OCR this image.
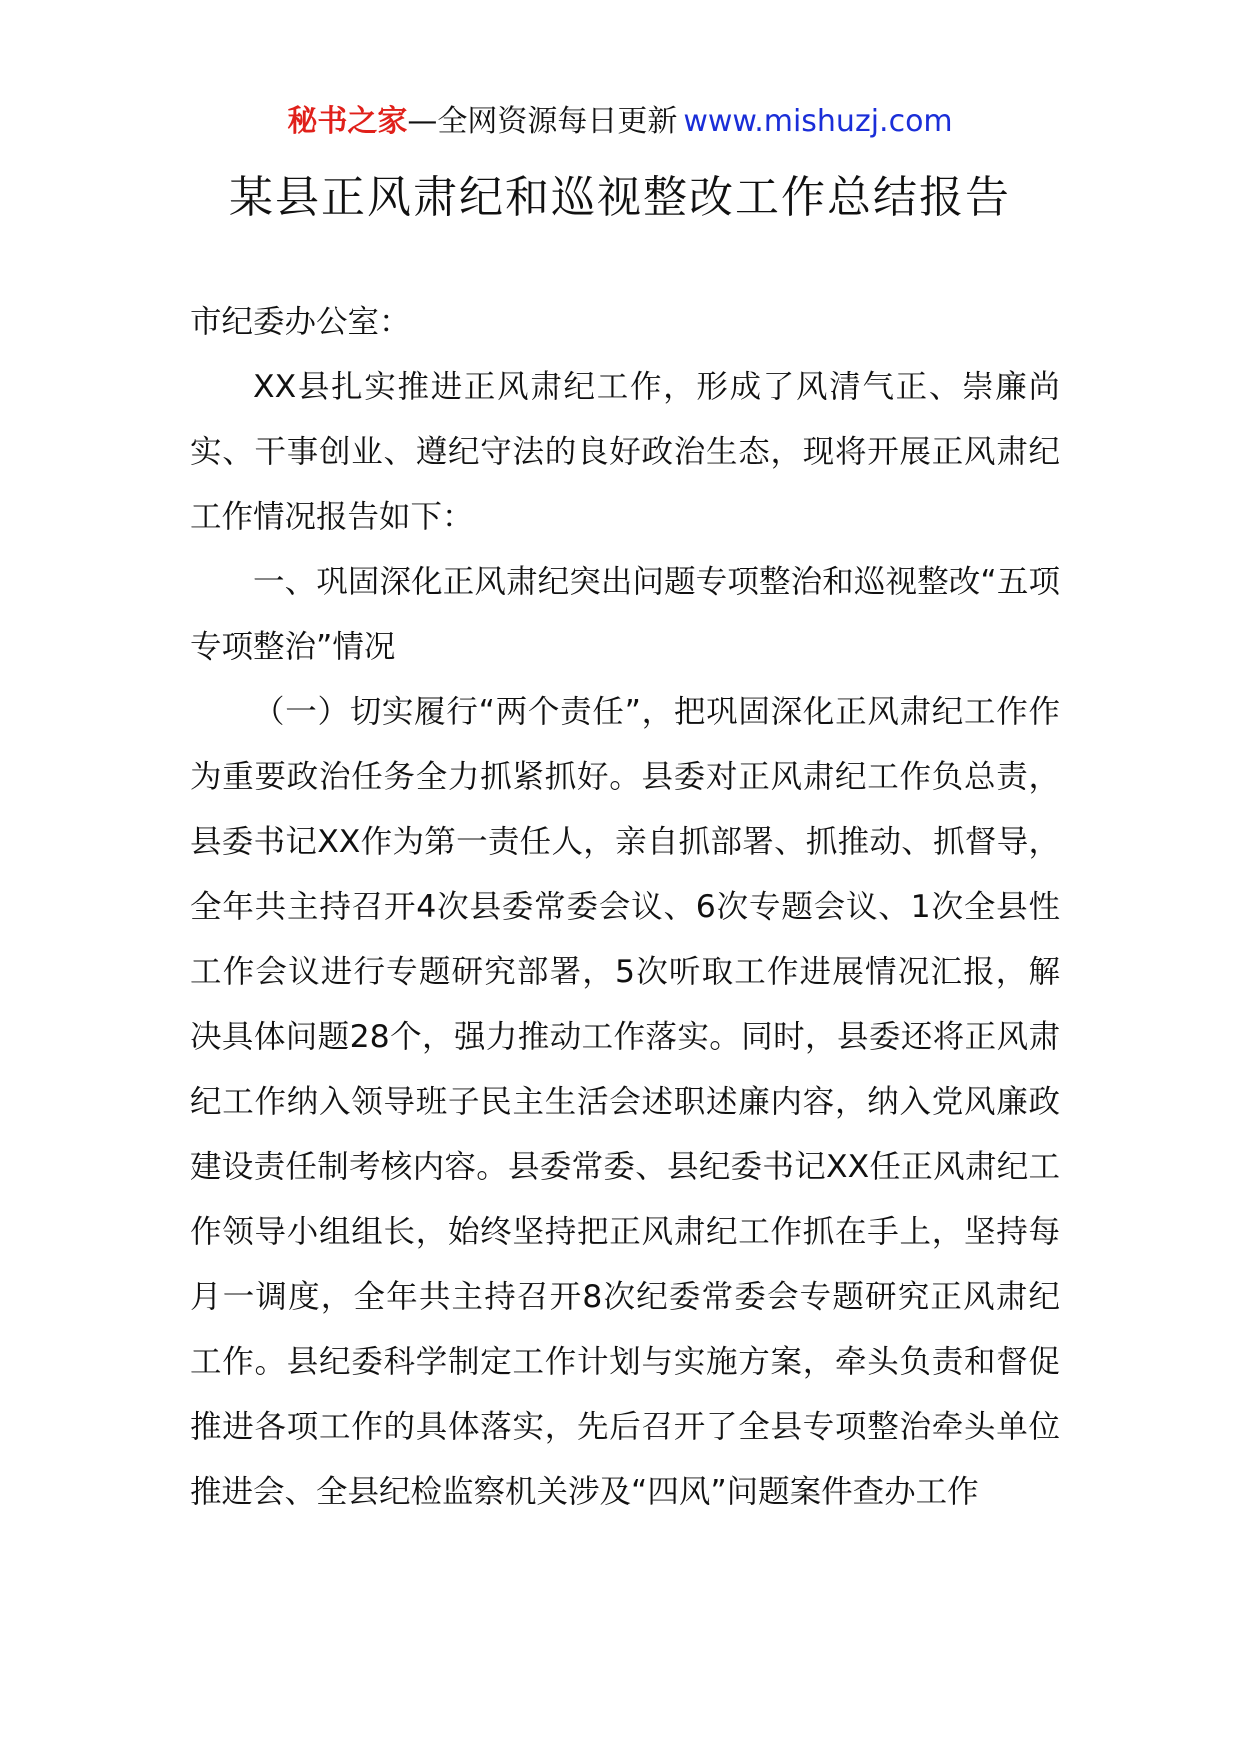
秘书之家—全网资源每日更新 www.mishuzj.com
某县正风肃纪和巡视整改工作总结报告

市纪委办公室：

XX县扎实推进正风肃纪工作，形成了风清气正、崇廉尚实、干事创业、遵纪守法的良好政治生态，现将开展正风肃纪工作情况报告如下：

一、巩固深化正风肃纪突出问题专项整治和巡视整改“五项专项整治”情况

（一）切实履行“两个责任”，把巩固深化正风肃纪工作作为重要政治任务全力抓紧抓好。县委对正风肃纪工作负总责，县委书记XX作为第一责任人，亲自抓部署、抓推动、抓督导，全年共主持召开4次县委常委会议、6次专题会议、1次全县性工作会议进行专题研究部署，5次听取工作进展情况汇报，解决具体问题28个，强力推动工作落实。同时，县委还将正风肃纪工作纳入领导班子民主生活会述职述廉内容，纳入党风廉政建设责任制考核内容。县委常委、县纪委书记XX任正风肃纪工作领导小组组长，始终坚持把正风肃纪工作抓在手上，坚持每月一调度，全年共主持召开8次纪委常委会专题研究正风肃纪工作。县纪委科学制定工作计划与实施方案，牵头负责和督促推进各项工作的具体落实，先后召开了全县专项整治牵头单位推进会、全县纪检监察机关涉及“四风”问题案件查办工作
